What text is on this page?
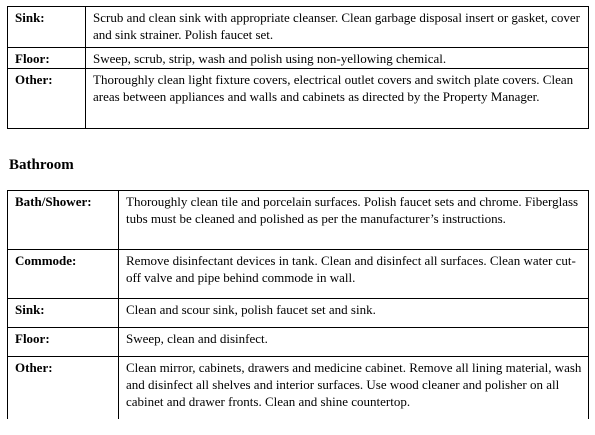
Sink:	Scrub and clean sink with appropriate cleanser. Clean garbage disposal insert or gasket, cover and sink strainer. Polish faucet set.
Floor:	Sweep, scrub, strip, wash and polish using non-yellowing chemical.
Other:	Thoroughly clean light fixture covers, electrical outlet covers and switch plate covers. Clean areas between appliances and walls and cabinets as directed by the Property Manager.
Bathroom
Bath/Shower:	Thoroughly clean tile and porcelain surfaces. Polish faucet sets and chrome. Fiberglass tubs must be cleaned and polished as per the manufacturer’s instructions.
Commode:	Remove disinfectant devices in tank. Clean and disinfect all surfaces. Clean water cut-off valve and pipe behind commode in wall.
Sink:	Clean and scour sink, polish faucet set and sink.
Floor:	Sweep, clean and disinfect.
Other:	Clean mirror, cabinets, drawers and medicine cabinet. Remove all lining material, wash and disinfect all shelves and interior surfaces. Use wood cleaner and polisher on all cabinet and drawer fronts. Clean and shine countertop.
